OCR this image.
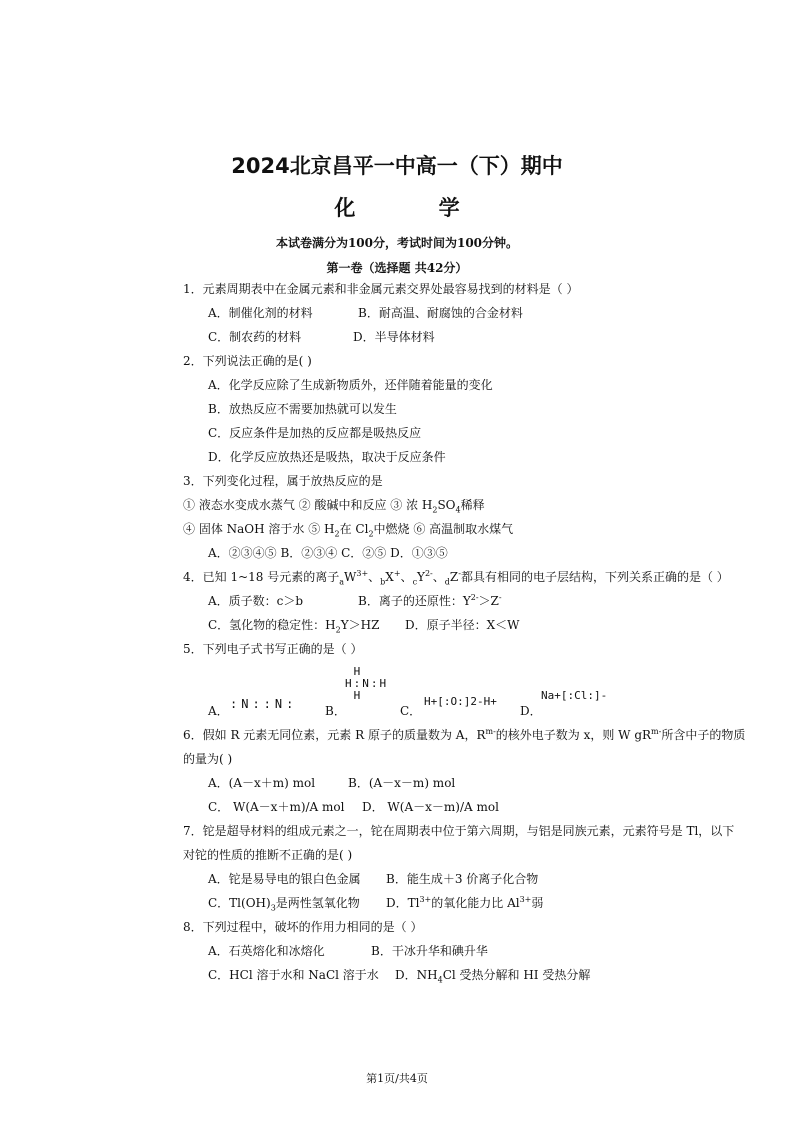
2024北京昌平一中高一（下）期中
化 学
本试卷满分为100分，考试时间为100分钟。
第一卷（选择题 共42分）
1．元素周期表中在金属元素和非金属元素交界处最容易找到的材料是（ ）
A．制催化剂的材料	B．耐高温、耐腐蚀的合金材料
C．制农药的材料	D．半导体材料
2．下列说法正确的是( )
A．化学反应除了生成新物质外，还伴随着能量的变化
B．放热反应不需要加热就可以发生
C．反应条件是加热的反应都是吸热反应
D．化学反应放热还是吸热，取决于反应条件
3．下列变化过程，属于放热反应的是
① 液态水变成水蒸气 ② 酸碱中和反应 ③ 浓 $H_2SO_4$稀释
④ 固体 NaOH 溶于水 ⑤ $H_2$在 $Cl_2$中燃烧 ⑥ 高温制取水煤气
A．②③④⑤ B．②③④ C．②⑤ D．①③⑤
4．已知 1~18 号元素的离子$_aW^{3+}$、$_b$X+、$_cY^{2-}$、$_d$Z-都具有相同的电子层结构，下列关系正确的是（ ）
A．质子数：c＞b	B．离子的还原性：$Y^{2-}>Z^-$
C．氢化物的稳定性：$H_2Y>HZ$ D．原子半径：X＜W
5．下列电子式书写正确的是（ ）
A． :N::N: B．
H
H:N:H
H
C．
H+[:O:]2-H+
D．
Na+[:Cl:]-
6．假如 R 元素无同位素，元素 R 原子的质量数为 A，$R^{m-}$的核外电子数为 x，则 W $gR^{m-}$所含中子的物质
的量为( )
A．(A－x＋m) mol	B．(A－x－m) mol
C． W(A－x＋m)/A mol D． W(A－x－m)/A mol
7．铊是超导材料的组成元素之一，铊在周期表中位于第六周期，与铝是同族元素，元素符号是 Tl，以下
对铊的性质的推断不正确的是( )
A．铊是易导电的银白色金属 B．能生成＋3 价离子化合物
C．$Tl(OH)_3$是两性氢氧化物 D．$Tl^{3+}$的氧化能力比 $Al^{3+}$弱
8．下列过程中，破坏的作用力相同的是（ ）
A．石英熔化和冰熔化	B．干冰升华和碘升华
C．HCl 溶于水和 NaCl 溶于水 D．$NH_4Cl$ 受热分解和 HI 受热分解
第1页/共4页
